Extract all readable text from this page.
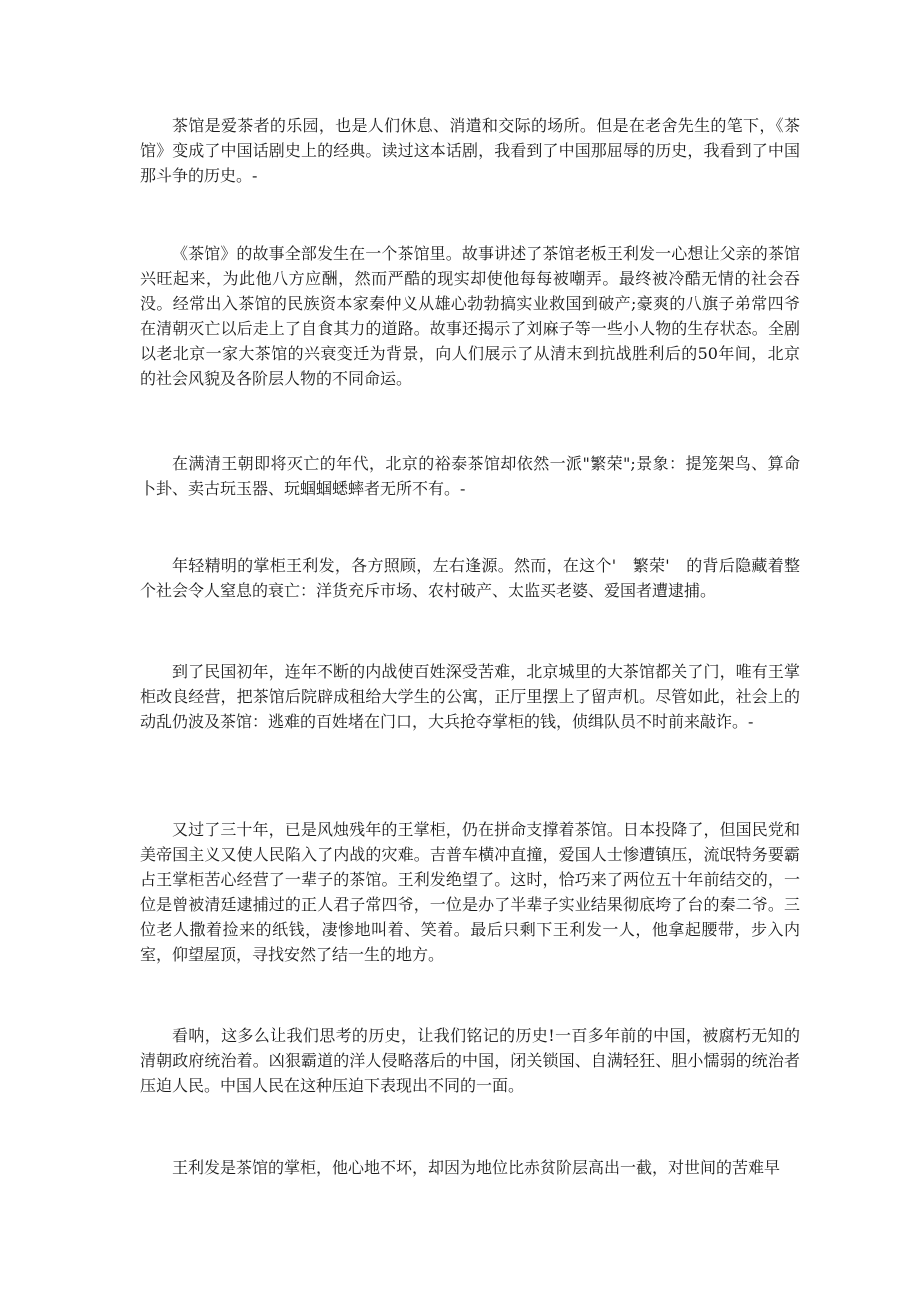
茶馆是爱茶者的乐园，也是人们休息、消遣和交际的场所。但是在老舍先生的笔下，《茶馆》变成了中国话剧史上的经典。读过这本话剧，我看到了中国那屈辱的历史，我看到了中国那斗争的历史。-

《茶馆》的故事全部发生在一个茶馆里。故事讲述了茶馆老板王利发一心想让父亲的茶馆兴旺起来，为此他八方应酬，然而严酷的现实却使他每每被嘲弄。最终被冷酷无情的社会吞没。经常出入茶馆的民族资本家秦仲义从雄心勃勃搞实业救国到破产;豪爽的八旗子弟常四爷在清朝灭亡以后走上了自食其力的道路。故事还揭示了刘麻子等一些小人物的生存状态。全剧以老北京一家大茶馆的兴衰变迁为背景，向人们展示了从清末到抗战胜利后的50年间，北京的社会风貌及各阶层人物的不同命运。

在满清王朝即将灭亡的年代，北京的裕泰茶馆却依然一派"繁荣";景象：提笼架鸟、算命卜卦、卖古玩玉器、玩蝈蝈蟋蟀者无所不有。-

年轻精明的掌柜王利发，各方照顾，左右逢源。然而，在这个'　繁荣'　的背后隐藏着整个社会令人窒息的衰亡：洋货充斥市场、农村破产、太监买老婆、爱国者遭逮捕。

到了民国初年，连年不断的内战使百姓深受苦难，北京城里的大茶馆都关了门，唯有王掌柜改良经营，把茶馆后院辟成租给大学生的公寓，正厅里摆上了留声机。尽管如此，社会上的动乱仍波及茶馆：逃难的百姓堵在门口，大兵抢夺掌柜的钱，侦缉队员不时前来敲诈。-

又过了三十年，已是风烛残年的王掌柜，仍在拼命支撑着茶馆。日本投降了，但国民党和美帝国主义又使人民陷入了内战的灾难。吉普车横冲直撞，爱国人士惨遭镇压，流氓特务要霸占王掌柜苦心经营了一辈子的茶馆。王利发绝望了。这时，恰巧来了两位五十年前结交的，一位是曾被清廷逮捕过的正人君子常四爷，一位是办了半辈子实业结果彻底垮了台的秦二爷。三位老人撒着捡来的纸钱，凄惨地叫着、笑着。最后只剩下王利发一人，他拿起腰带，步入内室，仰望屋顶，寻找安然了结一生的地方。

看呐，这多么让我们思考的历史，让我们铭记的历史!一百多年前的中国，被腐朽无知的清朝政府统治着。凶狠霸道的洋人侵略落后的中国，闭关锁国、自满轻狂、胆小懦弱的统治者压迫人民。中国人民在这种压迫下表现出不同的一面。

王利发是茶馆的掌柜，他心地不坏，却因为地位比赤贫阶层高出一截，对世间的苦难早
